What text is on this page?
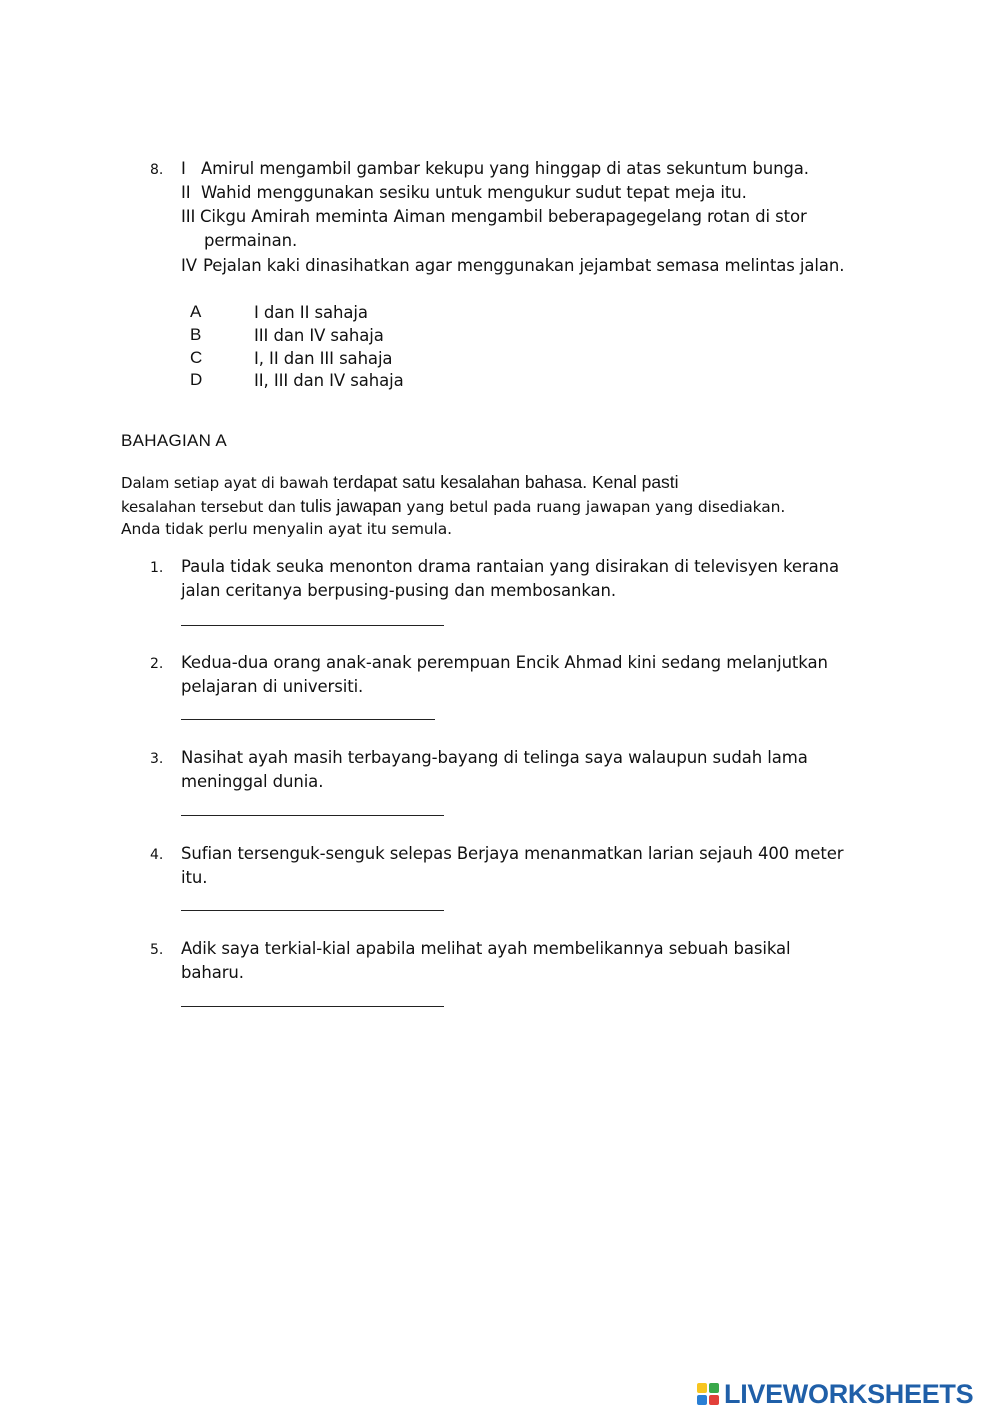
8. I Amirul mengambil gambar kekupu yang hinggap di atas sekuntum bunga.
II Wahid menggunakan sesiku untuk mengukur sudut tepat meja itu.
III Cikgu Amirah meminta Aiman mengambil beberapagegelang rotan di stor
permainan.
IV Pejalan kaki dinasihatkan agar menggunakan jejambat semasa melintas jalan.
A	I dan II sahaja
B	III dan IV sahaja
C	I, II dan III sahaja
D	II, III dan IV sahaja
BAHAGIAN A
Dalam setiap ayat di bawah terdapat satu kesalahan bahasa. Kenal pasti
kesalahan tersebut dan tulis jawapan yang betul pada ruang jawapan yang disediakan.
Anda tidak perlu menyalin ayat itu semula.
1. Paula tidak seuka menonton drama rantaian yang disirakan di televisyen kerana
jalan ceritanya berpusing-pusing dan membosankan.
2. Kedua-dua orang anak-anak perempuan Encik Ahmad kini sedang melanjutkan
pelajaran di universiti.
3. Nasihat ayah masih terbayang-bayang di telinga saya walaupun sudah lama
meninggal dunia.
4. Sufian tersenguk-senguk selepas Berjaya menanmatkan larian sejauh 400 meter
itu.
5. Adik saya terkial-kial apabila melihat ayah membelikannya sebuah basikal
baharu.
LIVEWORKSHEETS
